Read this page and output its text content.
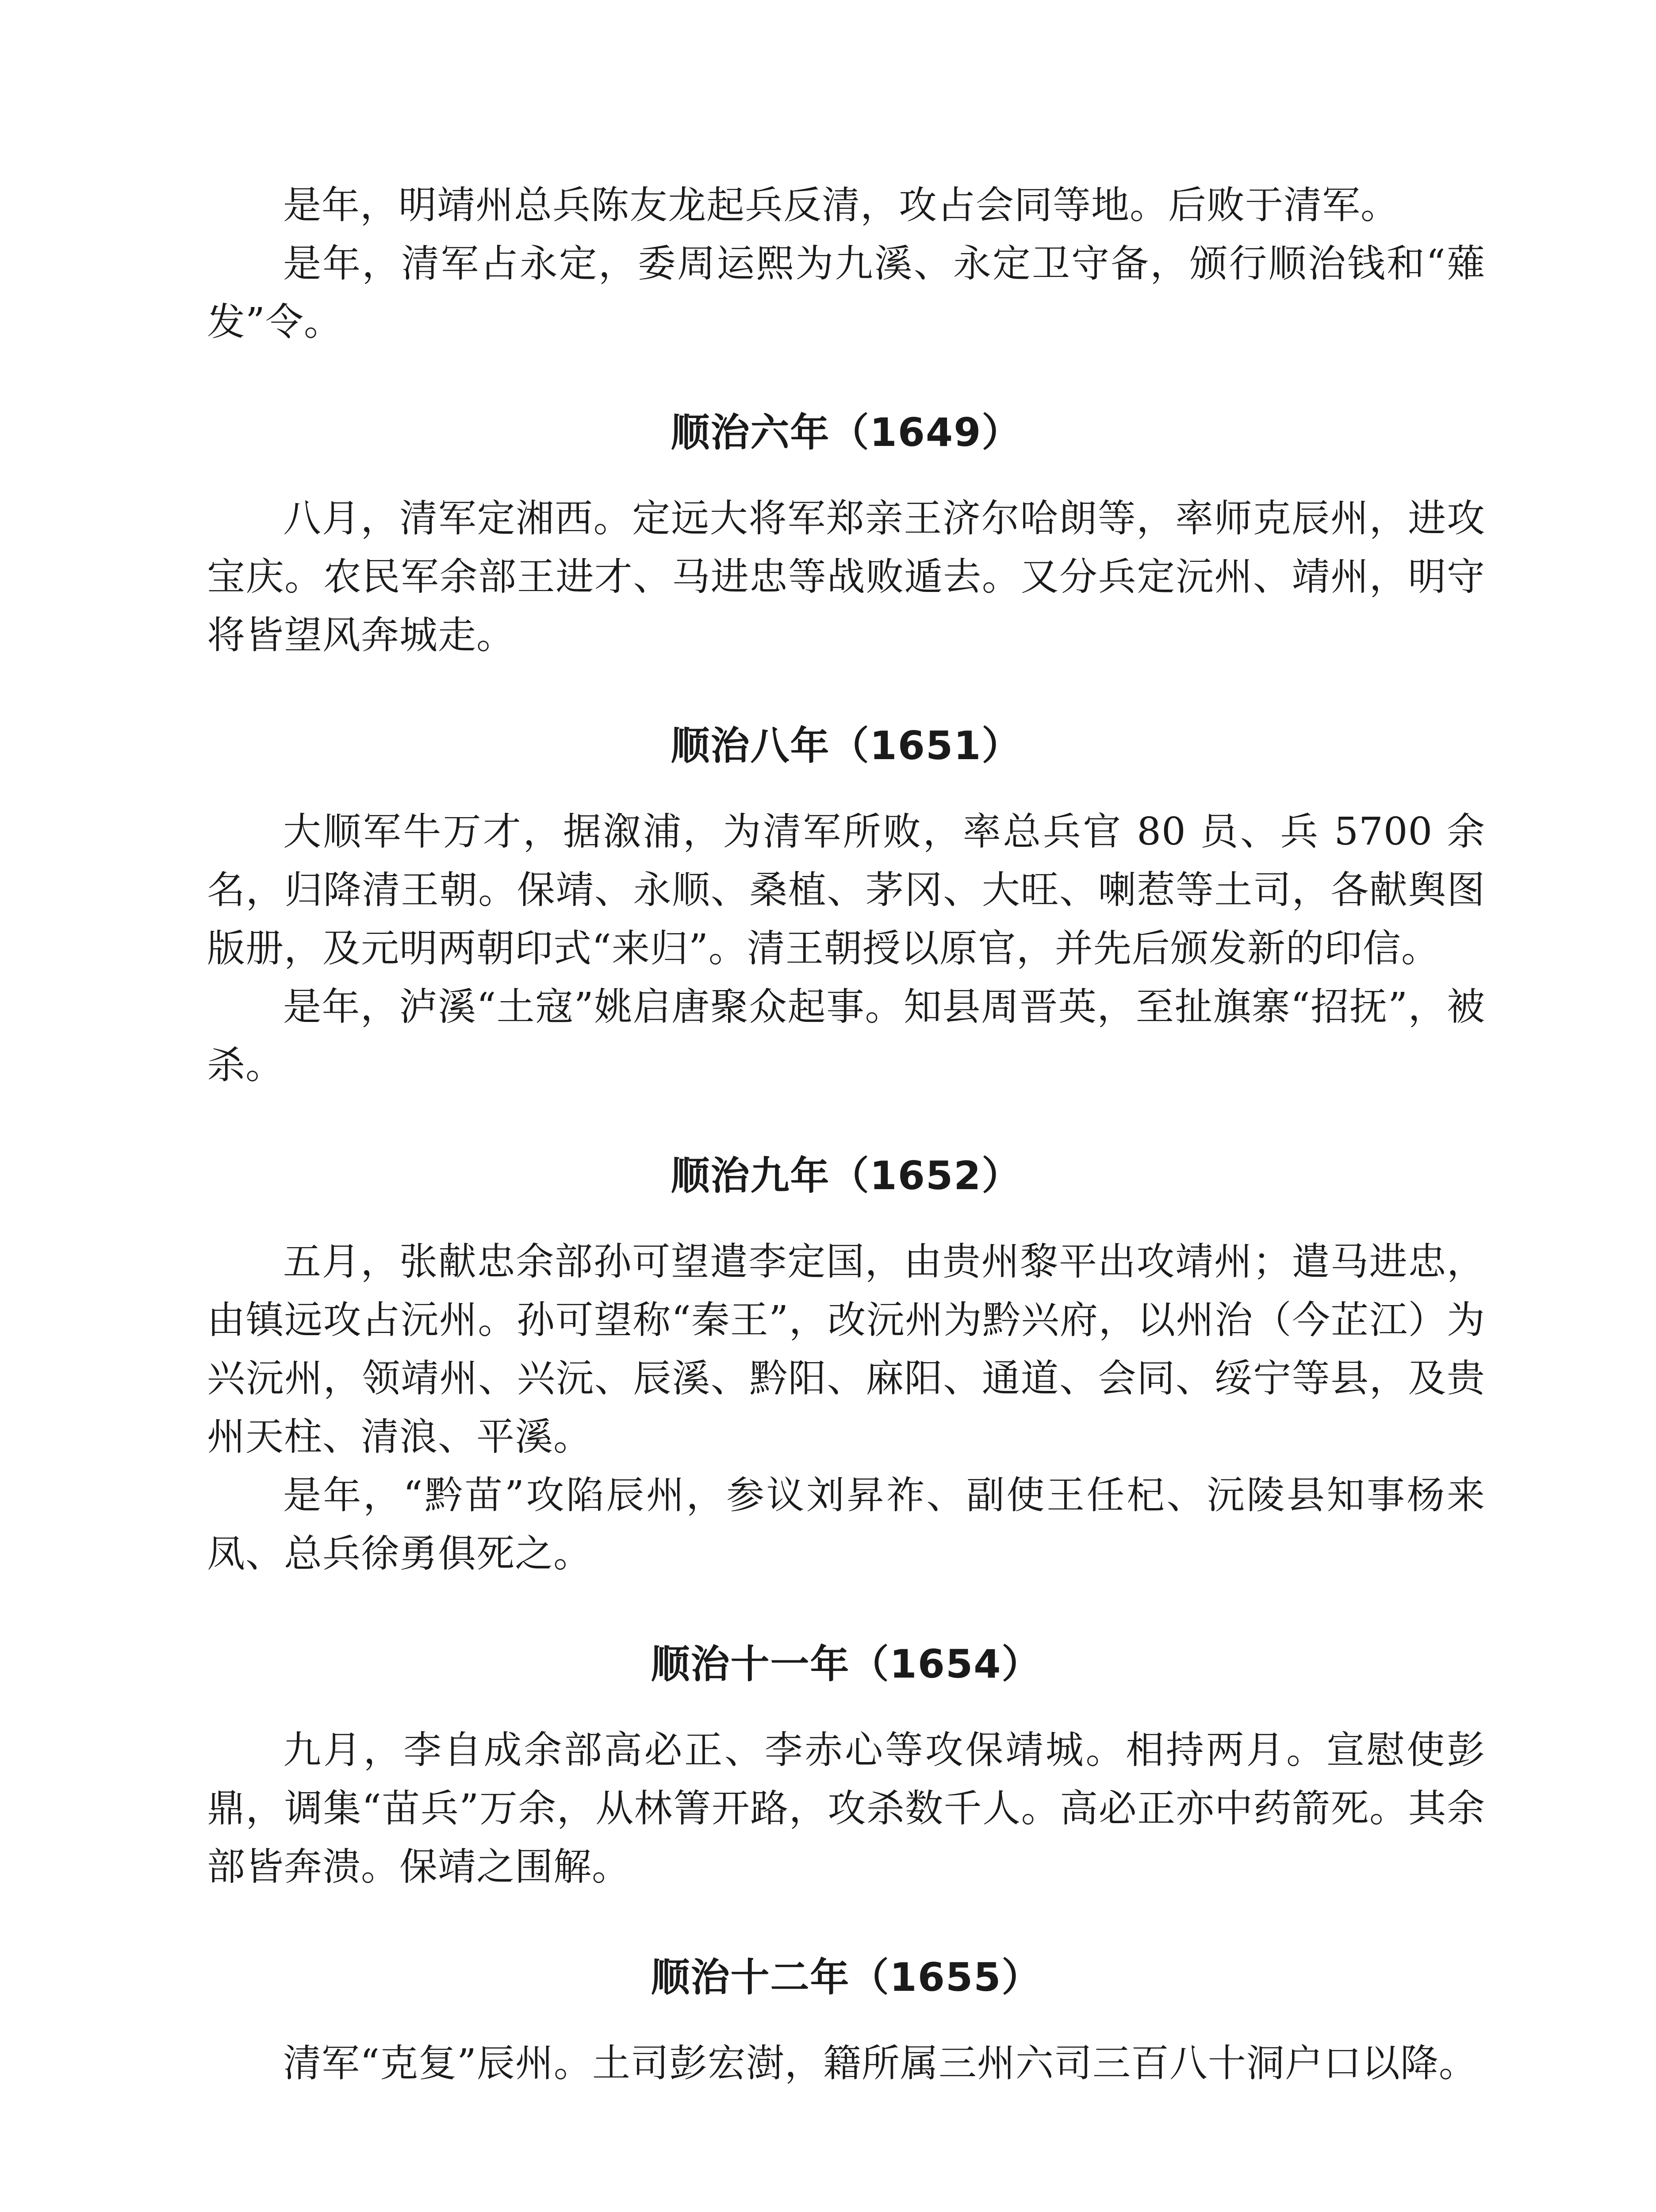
是年，明靖州总兵陈友龙起兵反清，攻占会同等地。后败于清军。

是年，清军占永定，委周运熙为九溪、永定卫守备，颁行顺治钱和“薙发”令。

顺治六年（1649）

八月，清军定湘西。定远大将军郑亲王济尔哈朗等，率师克辰州，进攻宝庆。农民军余部王进才、马进忠等战败遁去。又分兵定沅州、靖州，明守将皆望风奔城走。

顺治八年（1651）

大顺军牛万才，据溆浦，为清军所败，率总兵官 80 员、兵 5700 余名，归降清王朝。保靖、永顺、桑植、茅冈、大旺、喇惹等土司，各献舆图版册，及元明两朝印式“来归”。清王朝授以原官，并先后颁发新的印信。

是年，泸溪“土寇”姚启唐聚众起事。知县周晋英，至扯旗寨“招抚”，被杀。

顺治九年（1652）

五月，张献忠余部孙可望遣李定国，由贵州黎平出攻靖州；遣马进忠，由镇远攻占沅州。孙可望称“秦王”，改沅州为黔兴府，以州治（今芷江）为兴沅州，领靖州、兴沅、辰溪、黔阳、麻阳、通道、会同、绥宁等县，及贵州天柱、清浪、平溪。

是年，“黔苗”攻陷辰州，参议刘昇祚、副使王任杞、沅陵县知事杨来凤、总兵徐勇俱死之。

顺治十一年（1654）

九月，李自成余部高必正、李赤心等攻保靖城。相持两月。宣慰使彭鼎，调集“苗兵”万余，从林箐开路，攻杀数千人。高必正亦中药箭死。其余部皆奔溃。保靖之围解。

顺治十二年（1655）

清军“克复”辰州。土司彭宏澍，籍所属三州六司三百八十洞户口以降。
